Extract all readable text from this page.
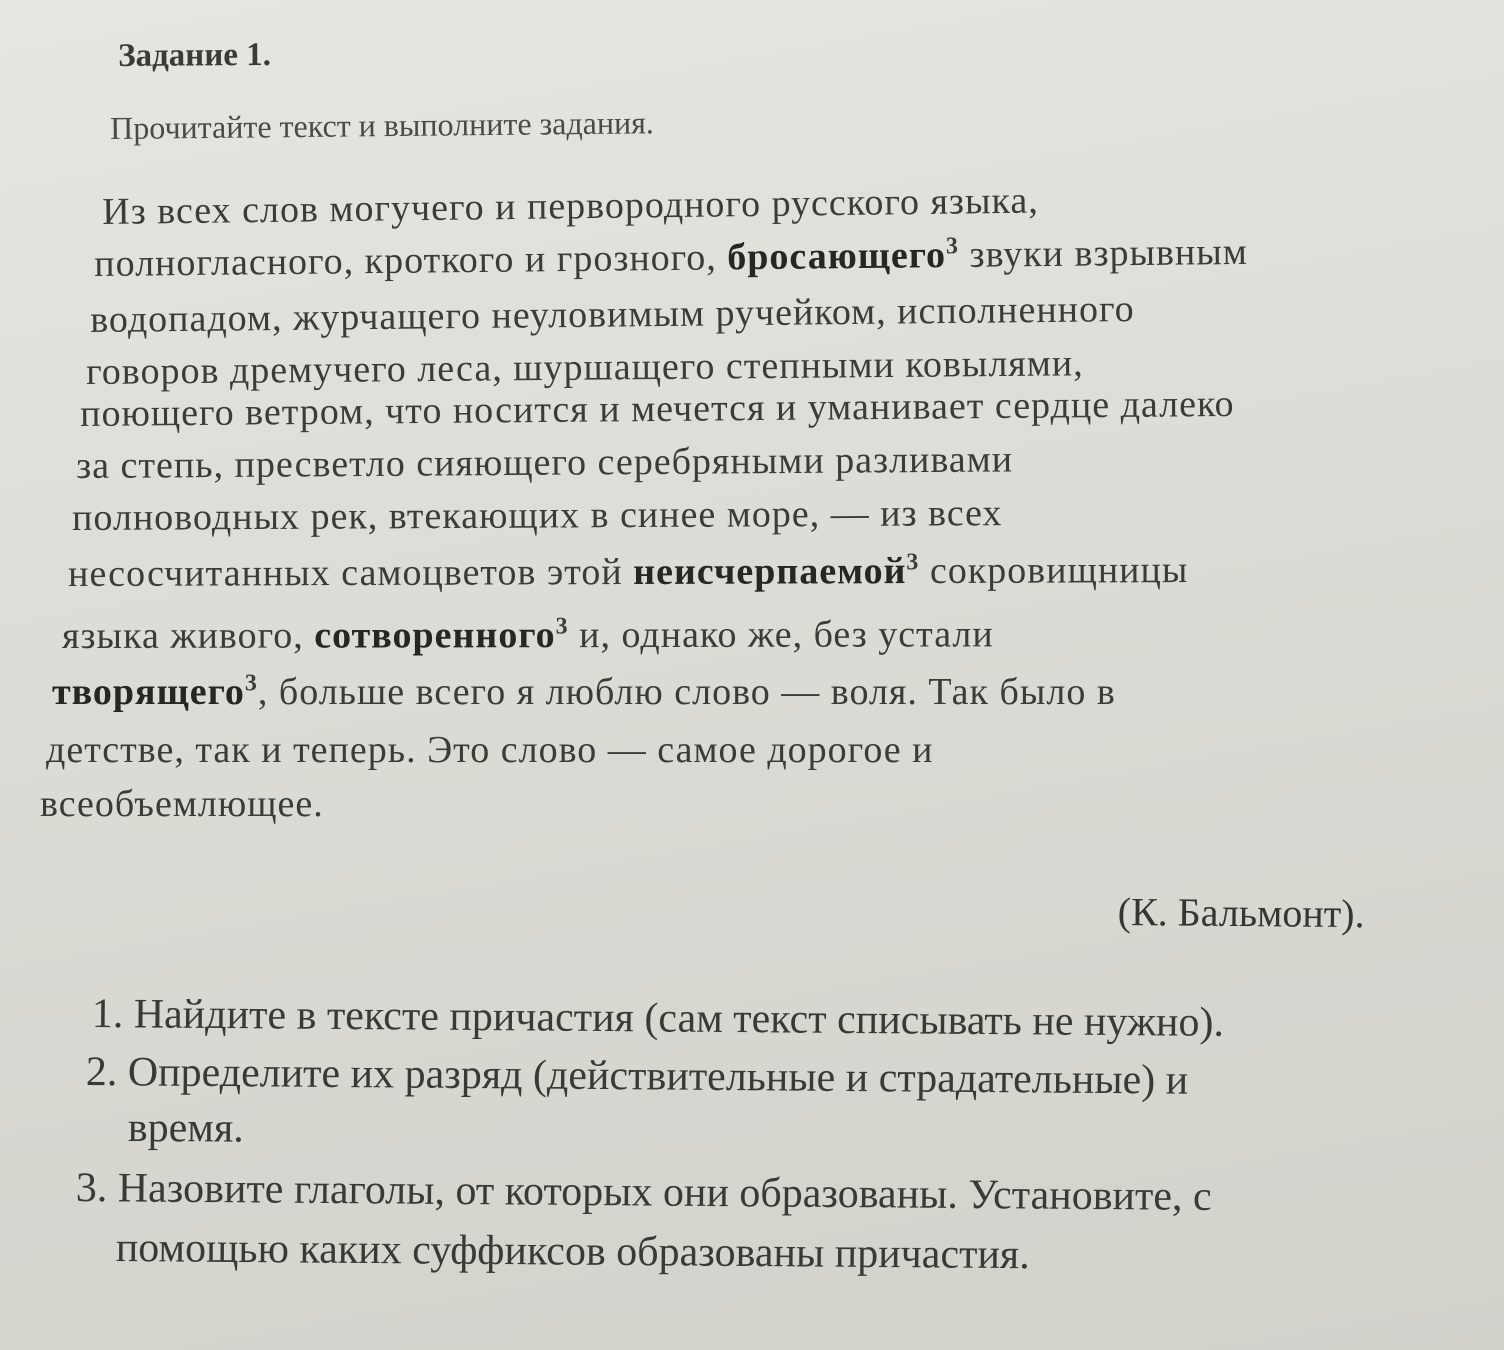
Задание 1.
Прочитайте текст и выполните задания.
Из всех слов могучего и первородного русского языка,
полногласного, кроткого и грозного, бросающего$^3$ звуки взрывным
водопадом, журчащего неуловимым ручейком, исполненного
говоров дремучего леса, шуршащего степными ковылями,
поющего ветром, что носится и мечется и уманивает сердце далеко
за степь, пресветло сияющего серебряными разливами
полноводных рек, втекающих в синее море, — из всех
несосчитанных самоцветов этой неисчерпаемой$^3$ сокровищницы
языка живого, сотворенного$^3$ и, однако же, без устали
творящего$^3$, больше всего я люблю слово — воля. Так было в
детстве, так и теперь. Это слово — самое дорогое и
всеобъемлющее.
(К. Бальмонт).
1. Найдите в тексте причастия (сам текст списывать не нужно).
2. Определите их разряд (действительные и страдательные) и
время.
3. Назовите глаголы, от которых они образованы. Установите, с
помощью каких суффиксов образованы причастия.
